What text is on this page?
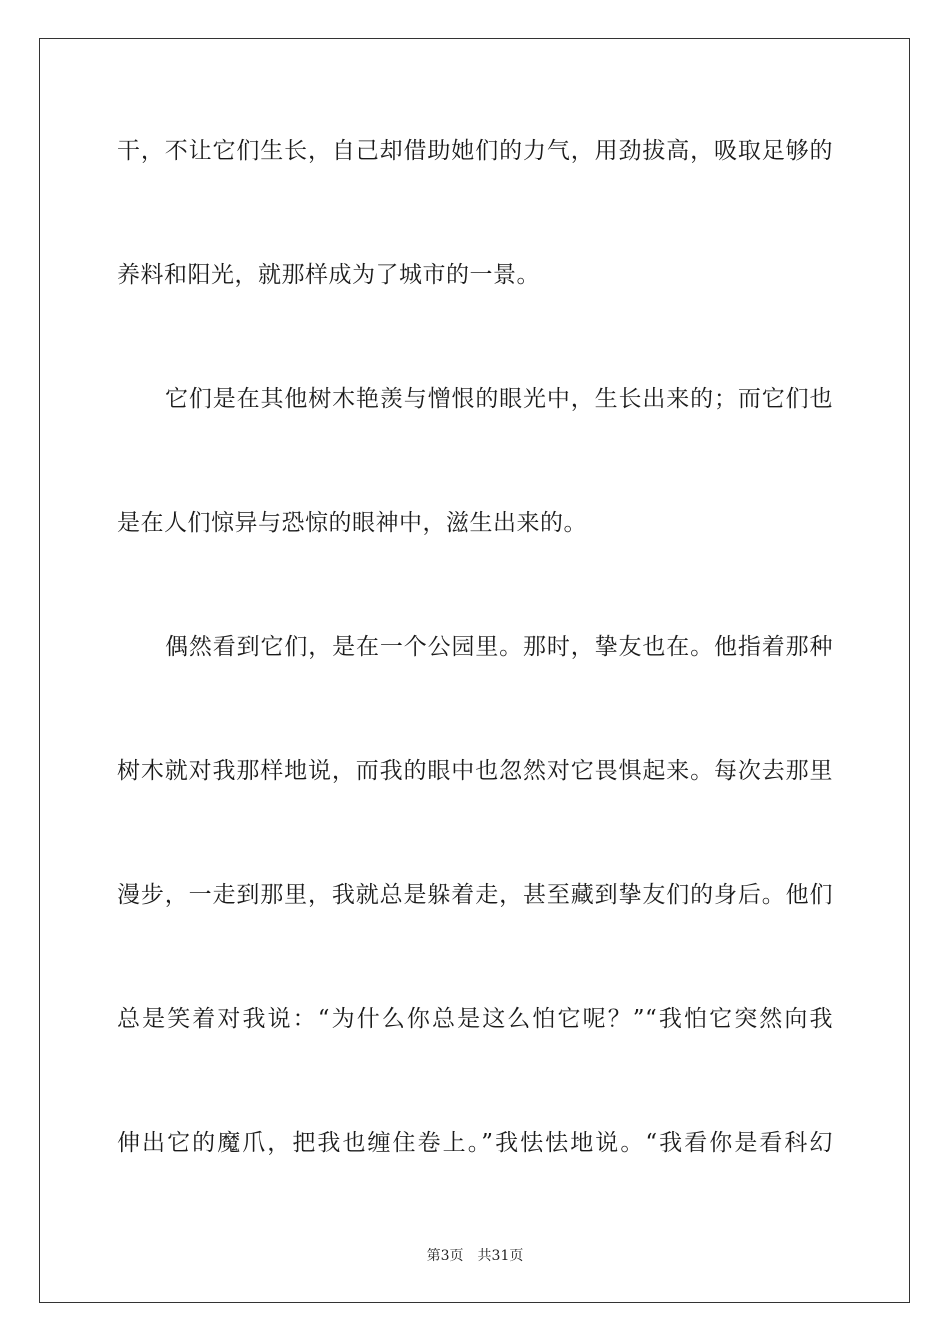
干，不让它们生长，自己却借助她们的力气，用劲拔高，吸取足够的
养料和阳光，就那样成为了城市的一景。
它们是在其他树木艳羡与憎恨的眼光中，生长出来的；而它们也
是在人们惊异与恐惊的眼神中，滋生出来的。
偶然看到它们，是在一个公园里。那时，挚友也在。他指着那种
树木就对我那样地说，而我的眼中也忽然对它畏惧起来。每次去那里
漫步，一走到那里，我就总是躲着走，甚至藏到挚友们的身后。他们
总是笑着对我说：“为什么你总是这么怕它呢？”“我怕它突然向我
伸出它的魔爪，把我也缠住卷上。”我怯怯地说。“我看你是看科幻
第3页 共31页
